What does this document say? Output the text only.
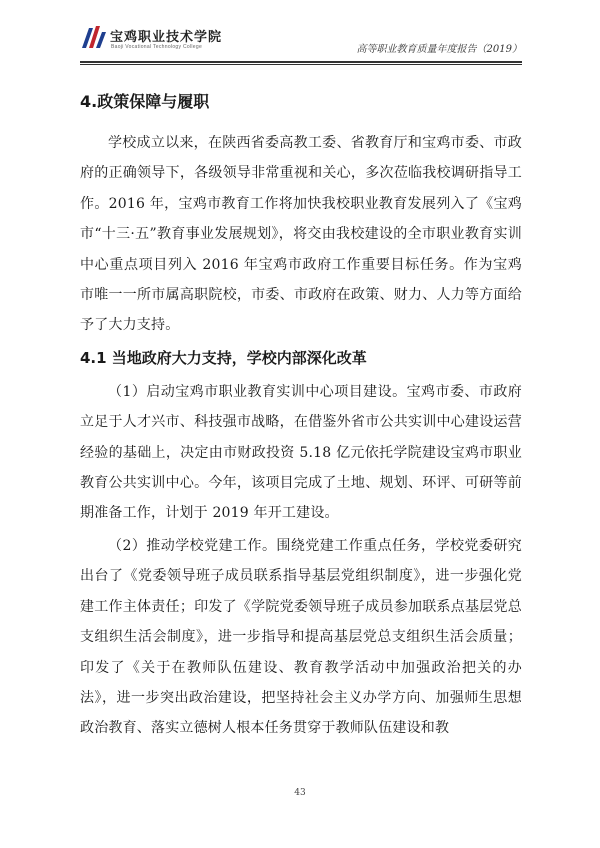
宝鸡职业技术学院
Baoji Vocational Technology College	高等职业教育质量年度报告（2019）
4.政策保障与履职

学校成立以来，在陕西省委高教工委、省教育厅和宝鸡市委、市政府的正确领导下，各级领导非常重视和关心，多次莅临我校调研指导工作。2016 年，宝鸡市教育工作将加快我校职业教育发展列入了《宝鸡市“十三·五”教育事业发展规划》，将交由我校建设的全市职业教育实训中心重点项目列入 2016 年宝鸡市政府工作重要目标任务。作为宝鸡市唯一一所市属高职院校，市委、市政府在政策、财力、人力等方面给予了大力支持。

4.1 当地政府大力支持，学校内部深化改革

（1）启动宝鸡市职业教育实训中心项目建设。宝鸡市委、市政府立足于人才兴市、科技强市战略，在借鉴外省市公共实训中心建设运营经验的基础上，决定由市财政投资 5.18 亿元依托学院建设宝鸡市职业教育公共实训中心。今年，该项目完成了土地、规划、环评、可研等前期准备工作，计划于 2019 年开工建设。

（2）推动学校党建工作。围绕党建工作重点任务，学校党委研究出台了《党委领导班子成员联系指导基层党组织制度》，进一步强化党建工作主体责任；印发了《学院党委领导班子成员参加联系点基层党总支组织生活会制度》，进一步指导和提高基层党总支组织生活会质量；印发了《关于在教师队伍建设、教育教学活动中加强政治把关的办法》，进一步突出政治建设，把坚持社会主义办学方向、加强师生思想政治教育、落实立德树人根本任务贯穿于教师队伍建设和教

43
